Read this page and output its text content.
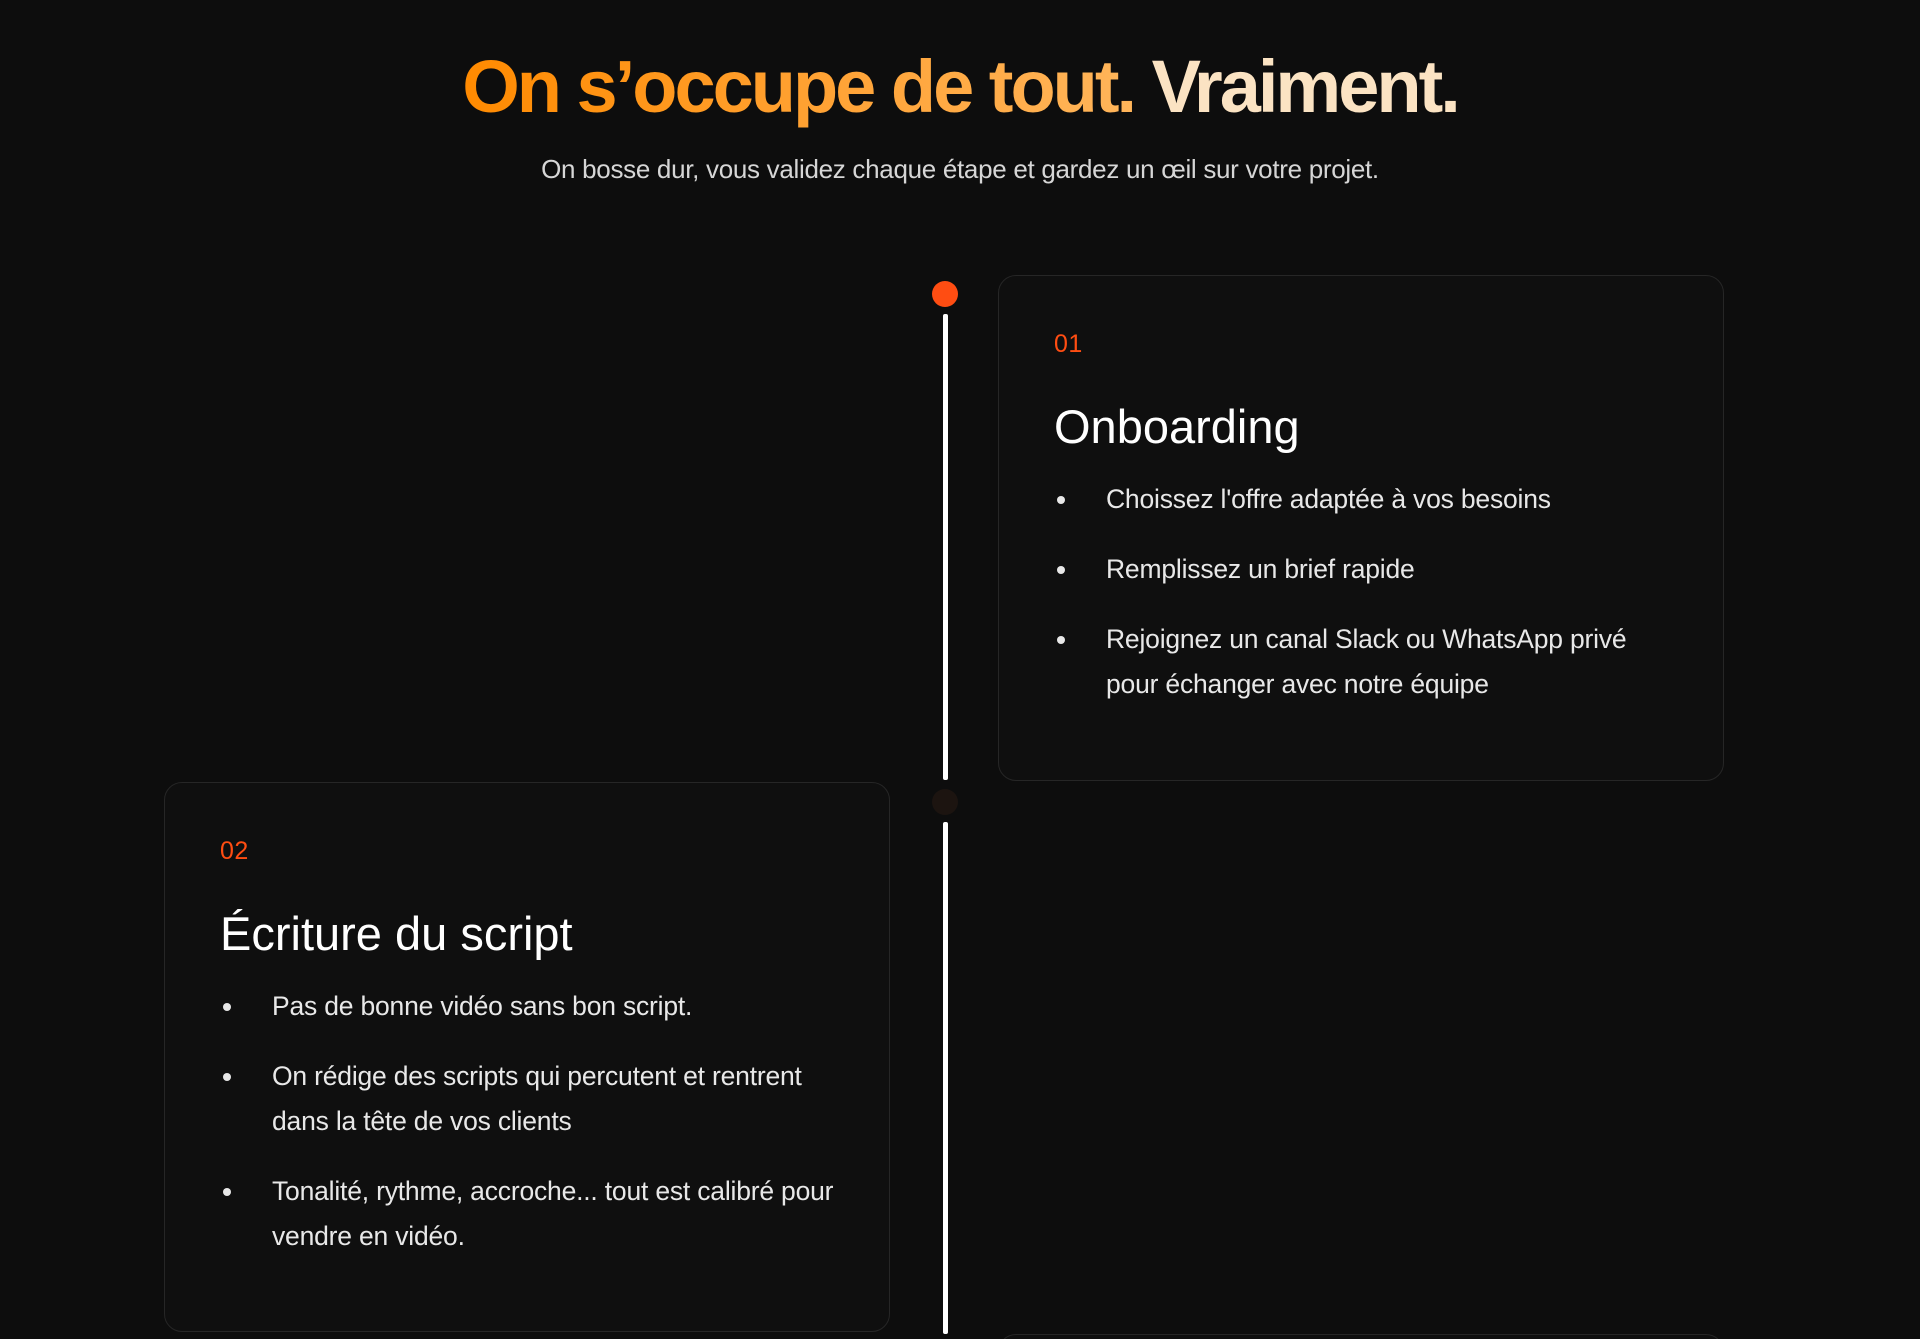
On s’occupe de tout. Vraiment.

On bosse dur, vous validez chaque étape et gardez un œil sur votre projet.

01
Onboarding
Choissez l'offre adaptée à vos besoins
Remplissez un brief rapide
Rejoignez un canal Slack ou WhatsApp privé pour échanger avec notre équipe
02
Écriture du script
Pas de bonne vidéo sans bon script.
On rédige des scripts qui percutent et rentrent dans la tête de vos clients
Tonalité, rythme, accroche... tout est calibré pour vendre en vidéo.
